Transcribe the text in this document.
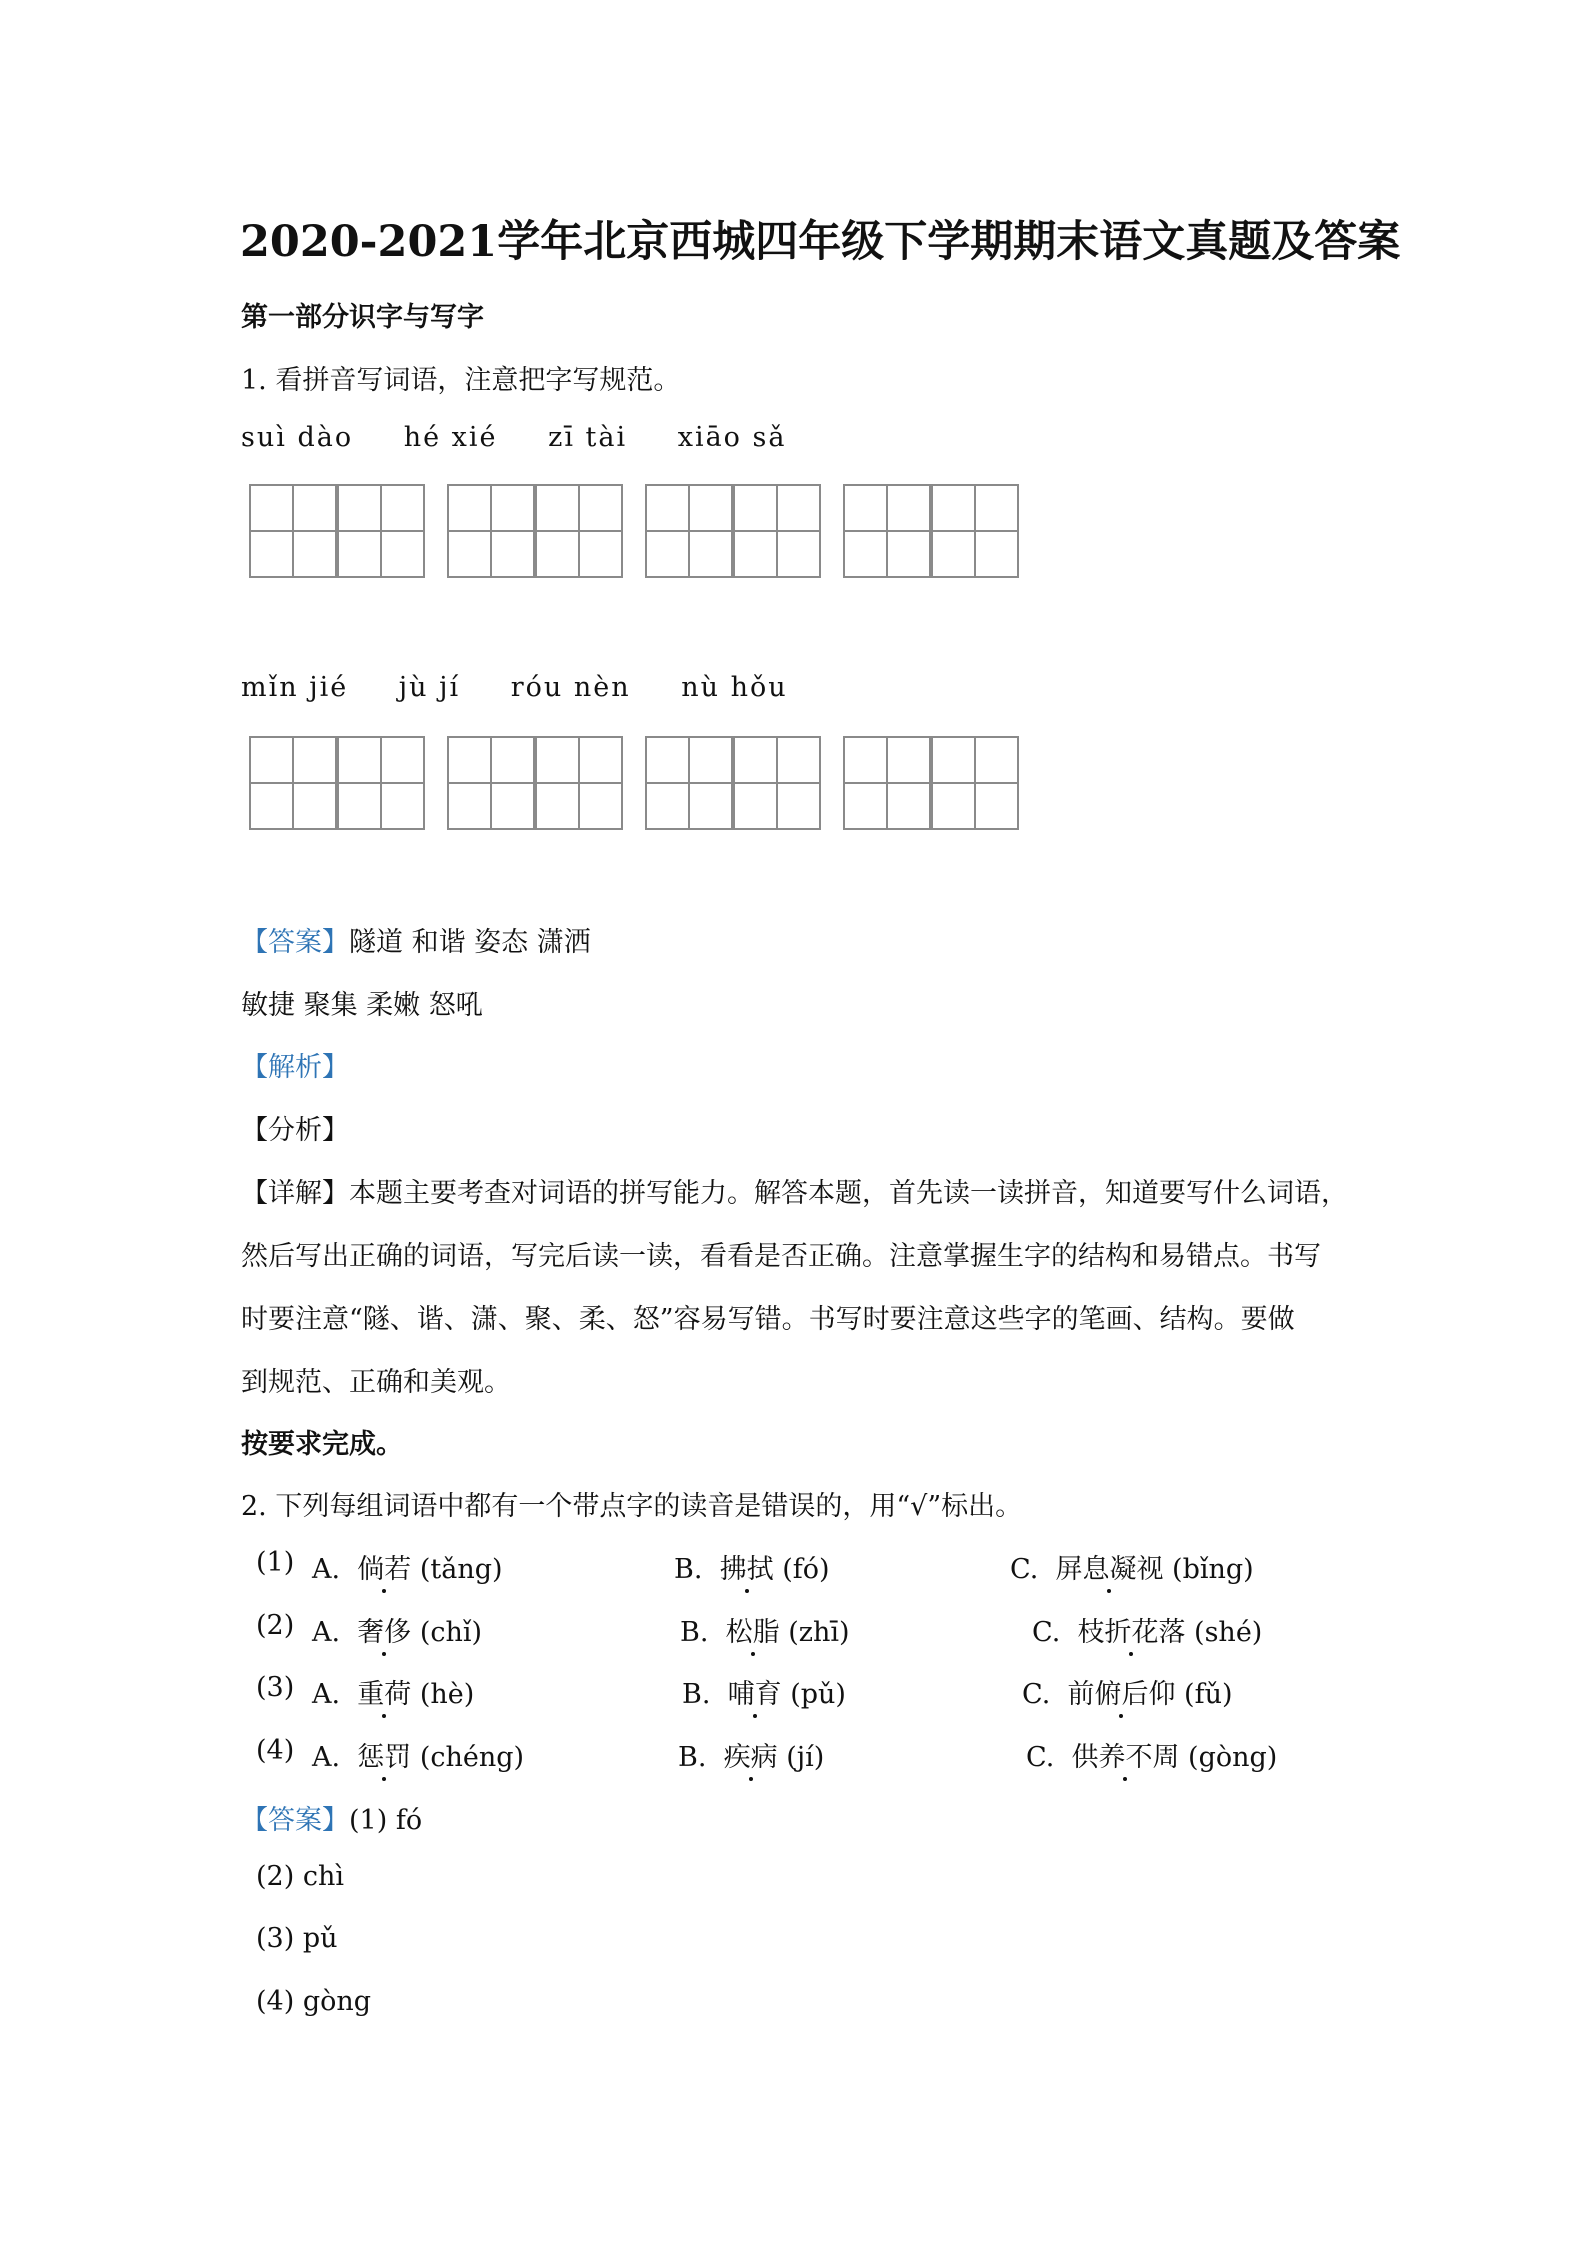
2020-2021学年北京西城四年级下学期期末语文真题及答案
第一部分识字与写字
1. 看拼音写词语，注意把字写规范。
suì dào hé xié zī tài xiāo sǎ
mǐn jié jù jí róu nèn nù hǒu
【答案】隧道 和谐 姿态 潇洒
敏捷 聚集 柔嫩 怒吼
【解析】
【分析】
【详解】本题主要考查对词语的拼写能力。解答本题，首先读一读拼音，知道要写什么词语，
然后写出正确的词语，写完后读一读，看看是否正确。注意掌握生字的结构和易错点。书写
时要注意“隧、谐、潇、聚、柔、怒”容易写错。书写时要注意这些字的笔画、结构。要做
到规范、正确和美观。
按要求完成。
2. 下列每组词语中都有一个带点字的读音是错误的，用“√”标出。
(1) A. 倘若 (tǎng)	B. 拂拭 (fó)	C. 屏息凝视 (bǐng)
(2) A. 奢侈 (chǐ)	B. 松脂 (zhī)	C. 枝折花落 (shé)
(3) A. 重荷 (hè)	B. 哺育 (pǔ)	C. 前俯后仰 (fǔ)
(4) A. 惩罚 (chéng)	B. 疾病 (jí)	C. 供养不周 (gòng)
【答案】(1) fó
(2) chì
(3) pǔ
(4) gòng
